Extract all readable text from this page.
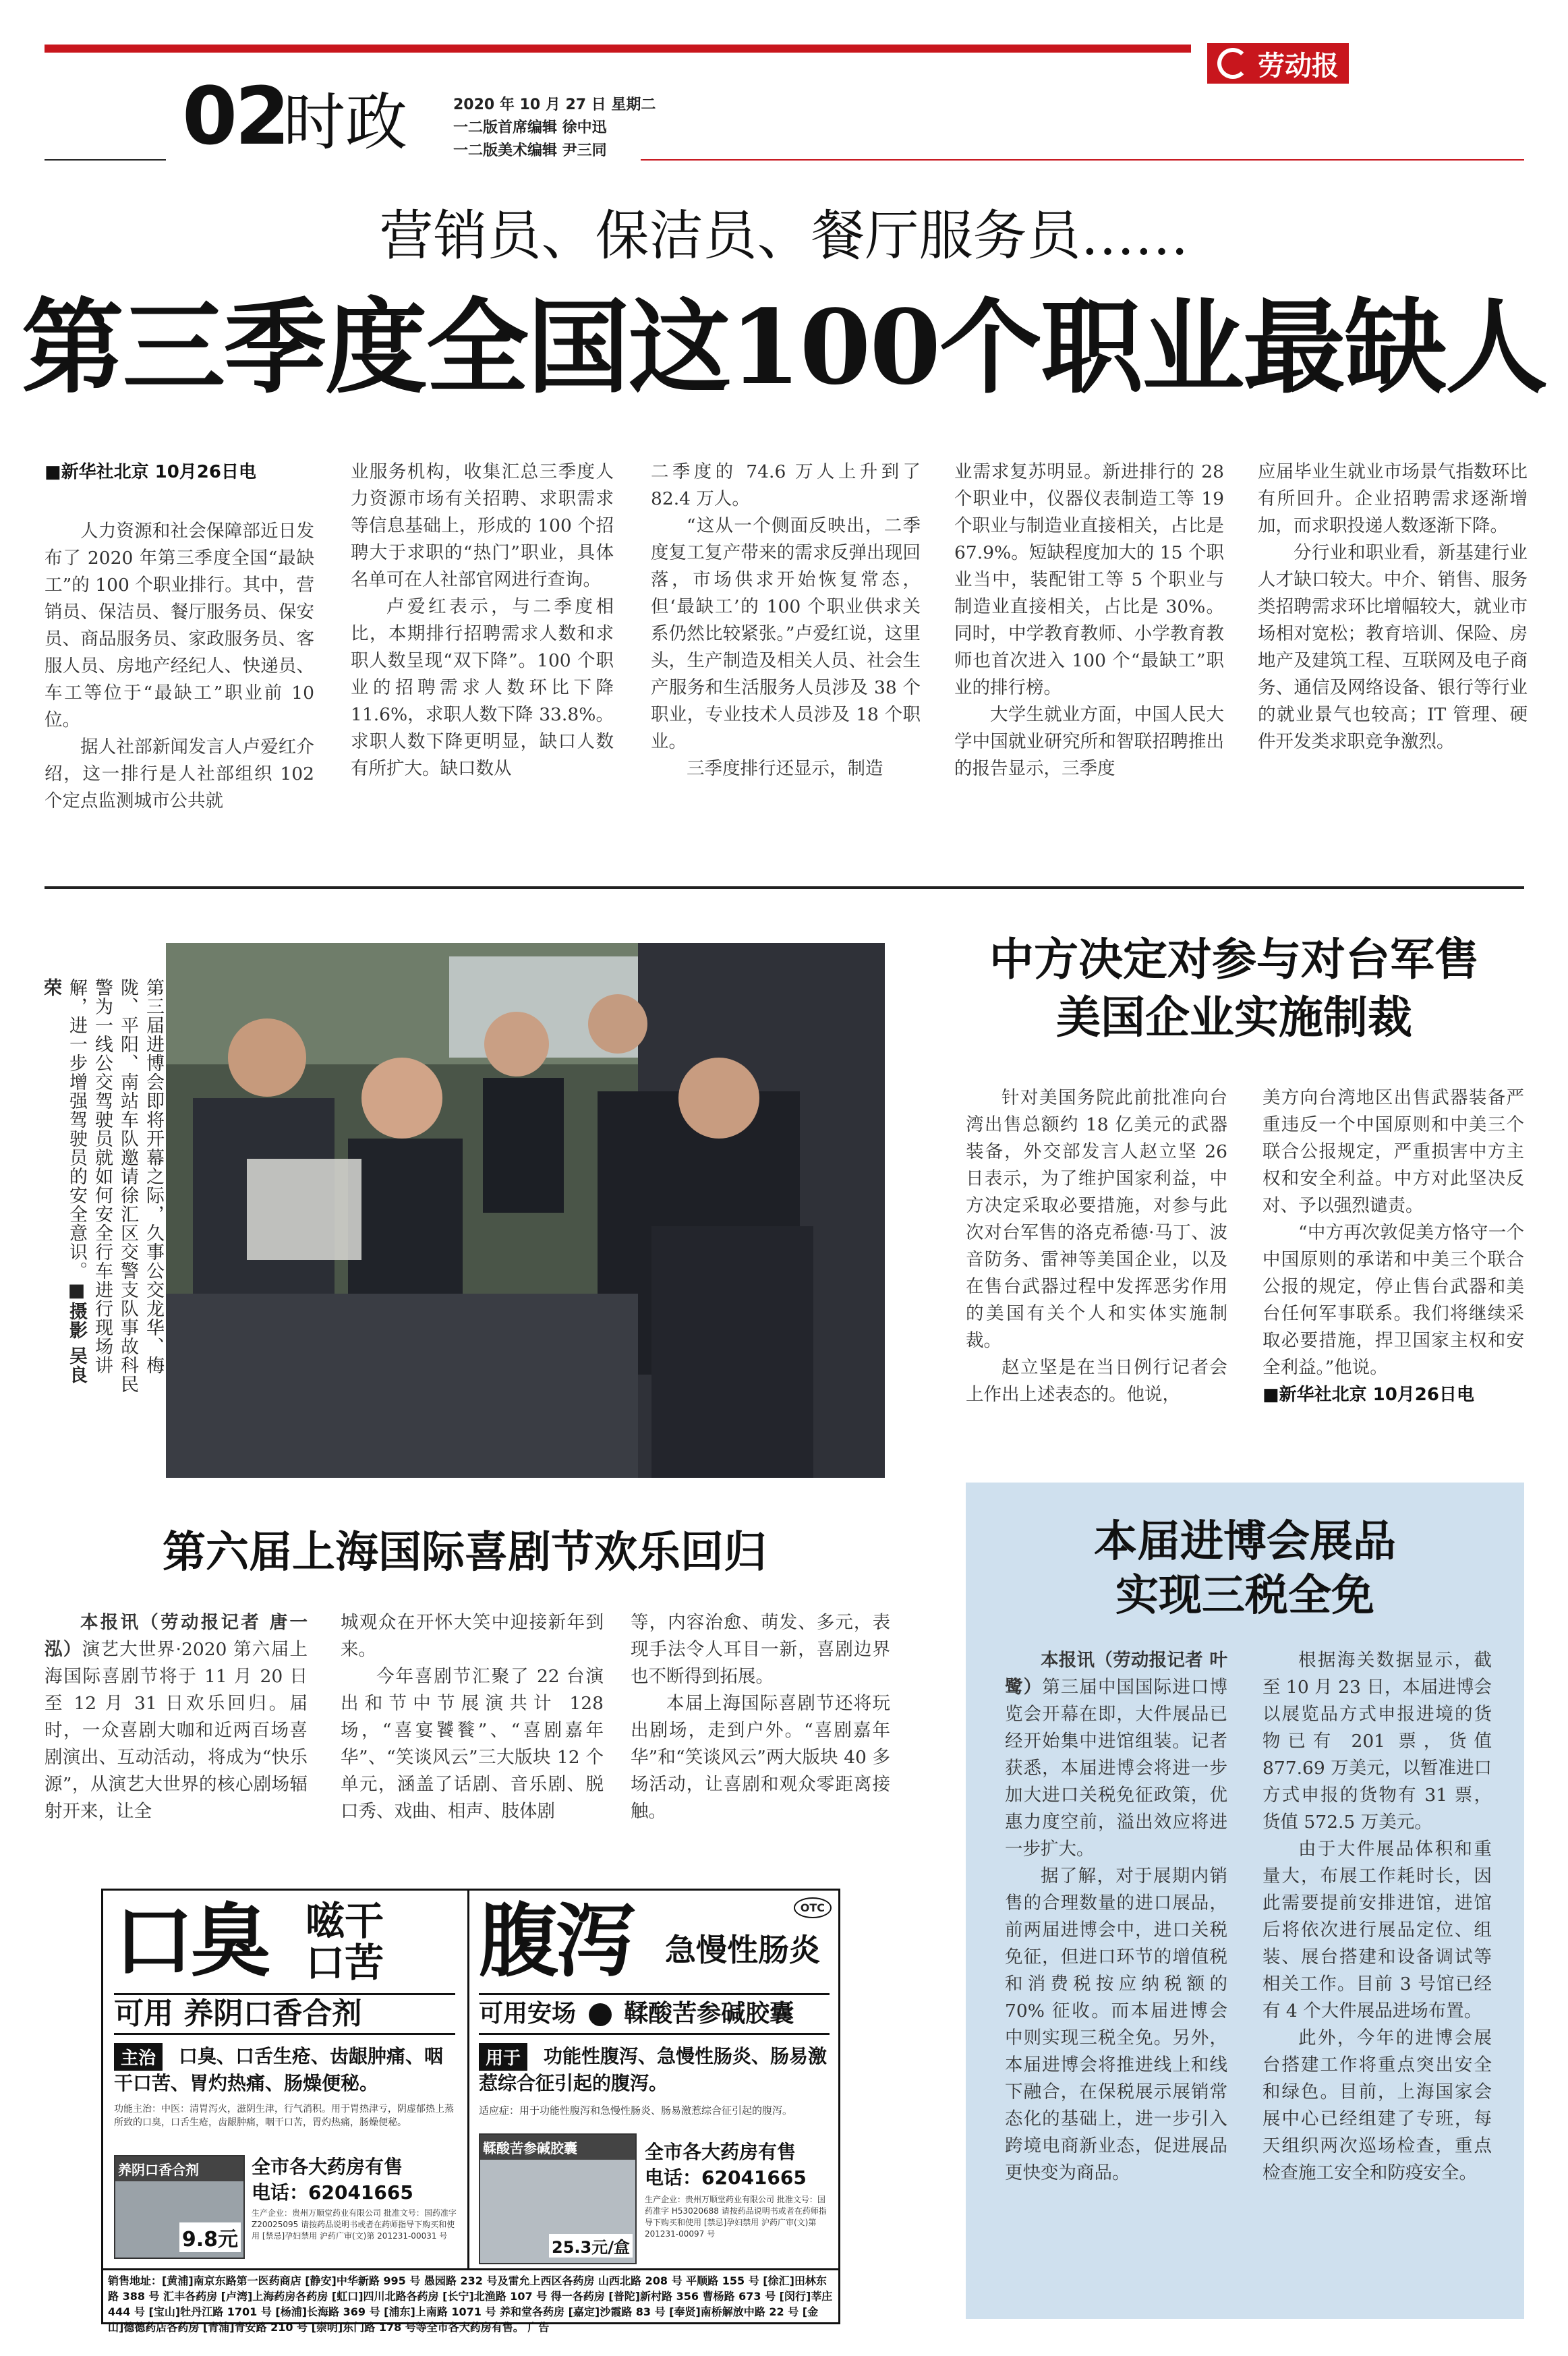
劳动报
02
时政	2020 年 10 月 27 日 星期二
一二版首席编辑 徐中迅
一二版美术编辑 尹三同
营销员、保洁员、餐厅服务员……
第三季度全国这100个职业最缺人

■新华社北京 10月26日电

人力资源和社会保障部近日发布了 2020 年第三季度全国“最缺工”的 100 个职业排行。其中，营销员、保洁员、餐厅服务员、保安员、商品服务员、家政服务员、客服人员、房地产经纪人、快递员、车工等位于“最缺工”职业前 10 位。

据人社部新闻发言人卢爱红介绍，这一排行是人社部组织 102 个定点监测城市公共就

业服务机构，收集汇总三季度人力资源市场有关招聘、求职需求等信息基础上，形成的 100 个招聘大于求职的“热门”职业，具体名单可在人社部官网进行查询。

卢爱红表示，与二季度相比，本期排行招聘需求人数和求职人数呈现“双下降”。100 个职业的招聘需求人数环比下降 11.6%，求职人数下降 33.8%。求职人数下降更明显，缺口人数有所扩大。缺口数从

二季度的 74.6 万人上升到了 82.4 万人。

“这从一个侧面反映出，二季度复工复产带来的需求反弹出现回落，市场供求开始恢复常态，但‘最缺工’的 100 个职业供求关系仍然比较紧张。”卢爱红说，这里头，生产制造及相关人员、社会生产服务和生活服务人员涉及 38 个职业，专业技术人员涉及 18 个职业。

三季度排行还显示，制造

业需求复苏明显。新进排行的 28 个职业中，仪器仪表制造工等 19 个职业与制造业直接相关，占比是 67.9%。短缺程度加大的 15 个职业当中，装配钳工等 5 个职业与制造业直接相关，占比是 30%。同时，中学教育教师、小学教育教师也首次进入 100 个“最缺工”职业的排行榜。

大学生就业方面，中国人民大学中国就业研究所和智联招聘推出的报告显示，三季度

应届毕业生就业市场景气指数环比有所回升。企业招聘需求逐渐增加，而求职投递人数逐渐下降。

分行业和职业看，新基建行业人才缺口较大。中介、销售、服务类招聘需求环比增幅较大，就业市场相对宽松；教育培训、保险、房地产及建筑工程、互联网及电子商务、通信及网络设备、银行等行业的就业景气也较高；IT 管理、硬件开发类求职竞争激烈。

第三届进博会即将开幕之际，久事公交龙华、梅陇、平阳、南站车队邀请徐汇区交警支队事故科民警为一线公交驾驶员就如何安全行车进行现场讲解，进一步增强驾驶员的安全意识。■摄影 吴良荣
中方决定对参与对台军售
美国企业实施制裁

针对美国务院此前批准向台湾出售总额约 18 亿美元的武器装备，外交部发言人赵立坚 26 日表示，为了维护国家利益，中方决定采取必要措施，对参与此次对台军售的洛克希德·马丁、波音防务、雷神等美国企业，以及在售台武器过程中发挥恶劣作用的美国有关个人和实体实施制裁。

赵立坚是在当日例行记者会上作出上述表态的。他说，

美方向台湾地区出售武器装备严重违反一个中国原则和中美三个联合公报规定，严重损害中方主权和安全利益。中方对此坚决反对、予以强烈谴责。

“中方再次敦促美方恪守一个中国原则的承诺和中美三个联合公报的规定，停止售台武器和美台任何军事联系。我们将继续采取必要措施，捍卫国家主权和安全利益。”他说。

■新华社北京 10月26日电

第六届上海国际喜剧节欢乐回归

本报讯（劳动报记者 唐一泓）演艺大世界·2020 第六届上海国际喜剧节将于 11 月 20 日至 12 月 31 日欢乐回归。届时，一众喜剧大咖和近两百场喜剧演出、互动活动，将成为“快乐源”，从演艺大世界的核心剧场辐射开来，让全

城观众在开怀大笑中迎接新年到来。

今年喜剧节汇聚了 22 台演出和节中节展演共计 128 场，“喜宴饕餮”、“喜剧嘉年华”、“笑谈风云”三大版块 12 个单元，涵盖了话剧、音乐剧、脱口秀、戏曲、相声、肢体剧

等，内容治愈、萌发、多元，表现手法令人耳目一新，喜剧边界也不断得到拓展。

本届上海国际喜剧节还将玩出剧场，走到户外。“喜剧嘉年华”和“笑谈风云”两大版块 40 多场活动，让喜剧和观众零距离接触。

本届进博会展品
实现三税全免

本报讯（劳动报记者 叶鹭）第三届中国国际进口博览会开幕在即，大件展品已经开始集中进馆组装。记者获悉，本届进博会将进一步加大进口关税免征政策，优惠力度空前，溢出效应将进一步扩大。

据了解，对于展期内销售的合理数量的进口展品，前两届进博会中，进口关税免征，但进口环节的增值税和消费税按应纳税额的 70% 征收。而本届进博会中则实现三税全免。另外，本届进博会将推进线上和线下融合，在保税展示展销常态化的基础上，进一步引入跨境电商新业态，促进展品更快变为商品。

根据海关数据显示，截至 10 月 23 日，本届进博会以展览品方式申报进境的货物已有 201 票，货值 877.69 万美元，以暂准进口方式申报的货物有 31 票，货值 572.5 万美元。

由于大件展品体积和重量大，布展工作耗时长，因此需要提前安排进馆，进馆后将依次进行展品定位、组装、展台搭建和设备调试等相关工作。目前 3 号馆已经有 4 个大件展品进场布置。

此外，今年的进博会展台搭建工作将重点突出安全和绿色。目前，上海国家会展中心已经组建了专班，每天组织两次巡场检查，重点检查施工安全和防疫安全。

口臭 嗞干
口苦
可用 养阴口香合剂
主治	口臭、口舌生疮、齿龈肿痛、咽干口苦、胃灼热痛、肠燥便秘。
功能主治：中医：清胃泻火，滋阴生津，行气消积。用于胃热津亏，阴虚郁热上蒸所致的口臭，口舌生疮，齿龈肿痛，咽干口苦，胃灼热痛，肠燥便秘。
养阴口香合剂
9.8元
全市各大药房有售
电话：62041665
生产企业：贵州万顺堂药业有限公司 批准文号：国药准字 Z20025095 请按药品说明书或者在药师指导下购买和使用 [禁忌]孕妇禁用 沪药广审(文)第 201231-00031 号
OTC
腹泻 急慢性肠炎
可用安场 鞣酸苦参碱胶囊
用于	功能性腹泻、急慢性肠炎、肠易激惹综合征引起的腹泻。
适应症：用于功能性腹泻和急慢性肠炎、肠易激惹综合征引起的腹泻。
鞣酸苦参碱胶囊
25.3元/盒
全市各大药房有售
电话：62041665
生产企业：贵州万顺堂药业有限公司 批准文号：国药准字 H53020688 请按药品说明书或者在药师指导下购买和使用 [禁忌]孕妇禁用 沪药广审(文)第 201231-00097 号
销售地址：[黄浦]南京东路第一医药商店 [静安]中华新路 995 号 愚园路 232 号及雷允上西区各药房 山西北路 208 号 平顺路 155 号 [徐汇]田林东路 388 号 汇丰各药房 [卢湾]上海药房各药房 [虹口]四川北路各药房 [长宁]北渔路 107 号 得一各药房 [普陀]新村路 356 曹杨路 673 号 [闵行]莘庄 444 号 [宝山]牡丹江路 1701 号 [杨浦]长海路 369 号 [浦东]上南路 1071 号 养和堂各药房 [嘉定]沙霞路 83 号 [奉贤]南桥解放中路 22 号 [金山]德德药店各药房 [青浦]青安路 210 号 [崇明]东门路 178 号等全市各大药房有售。 广告
